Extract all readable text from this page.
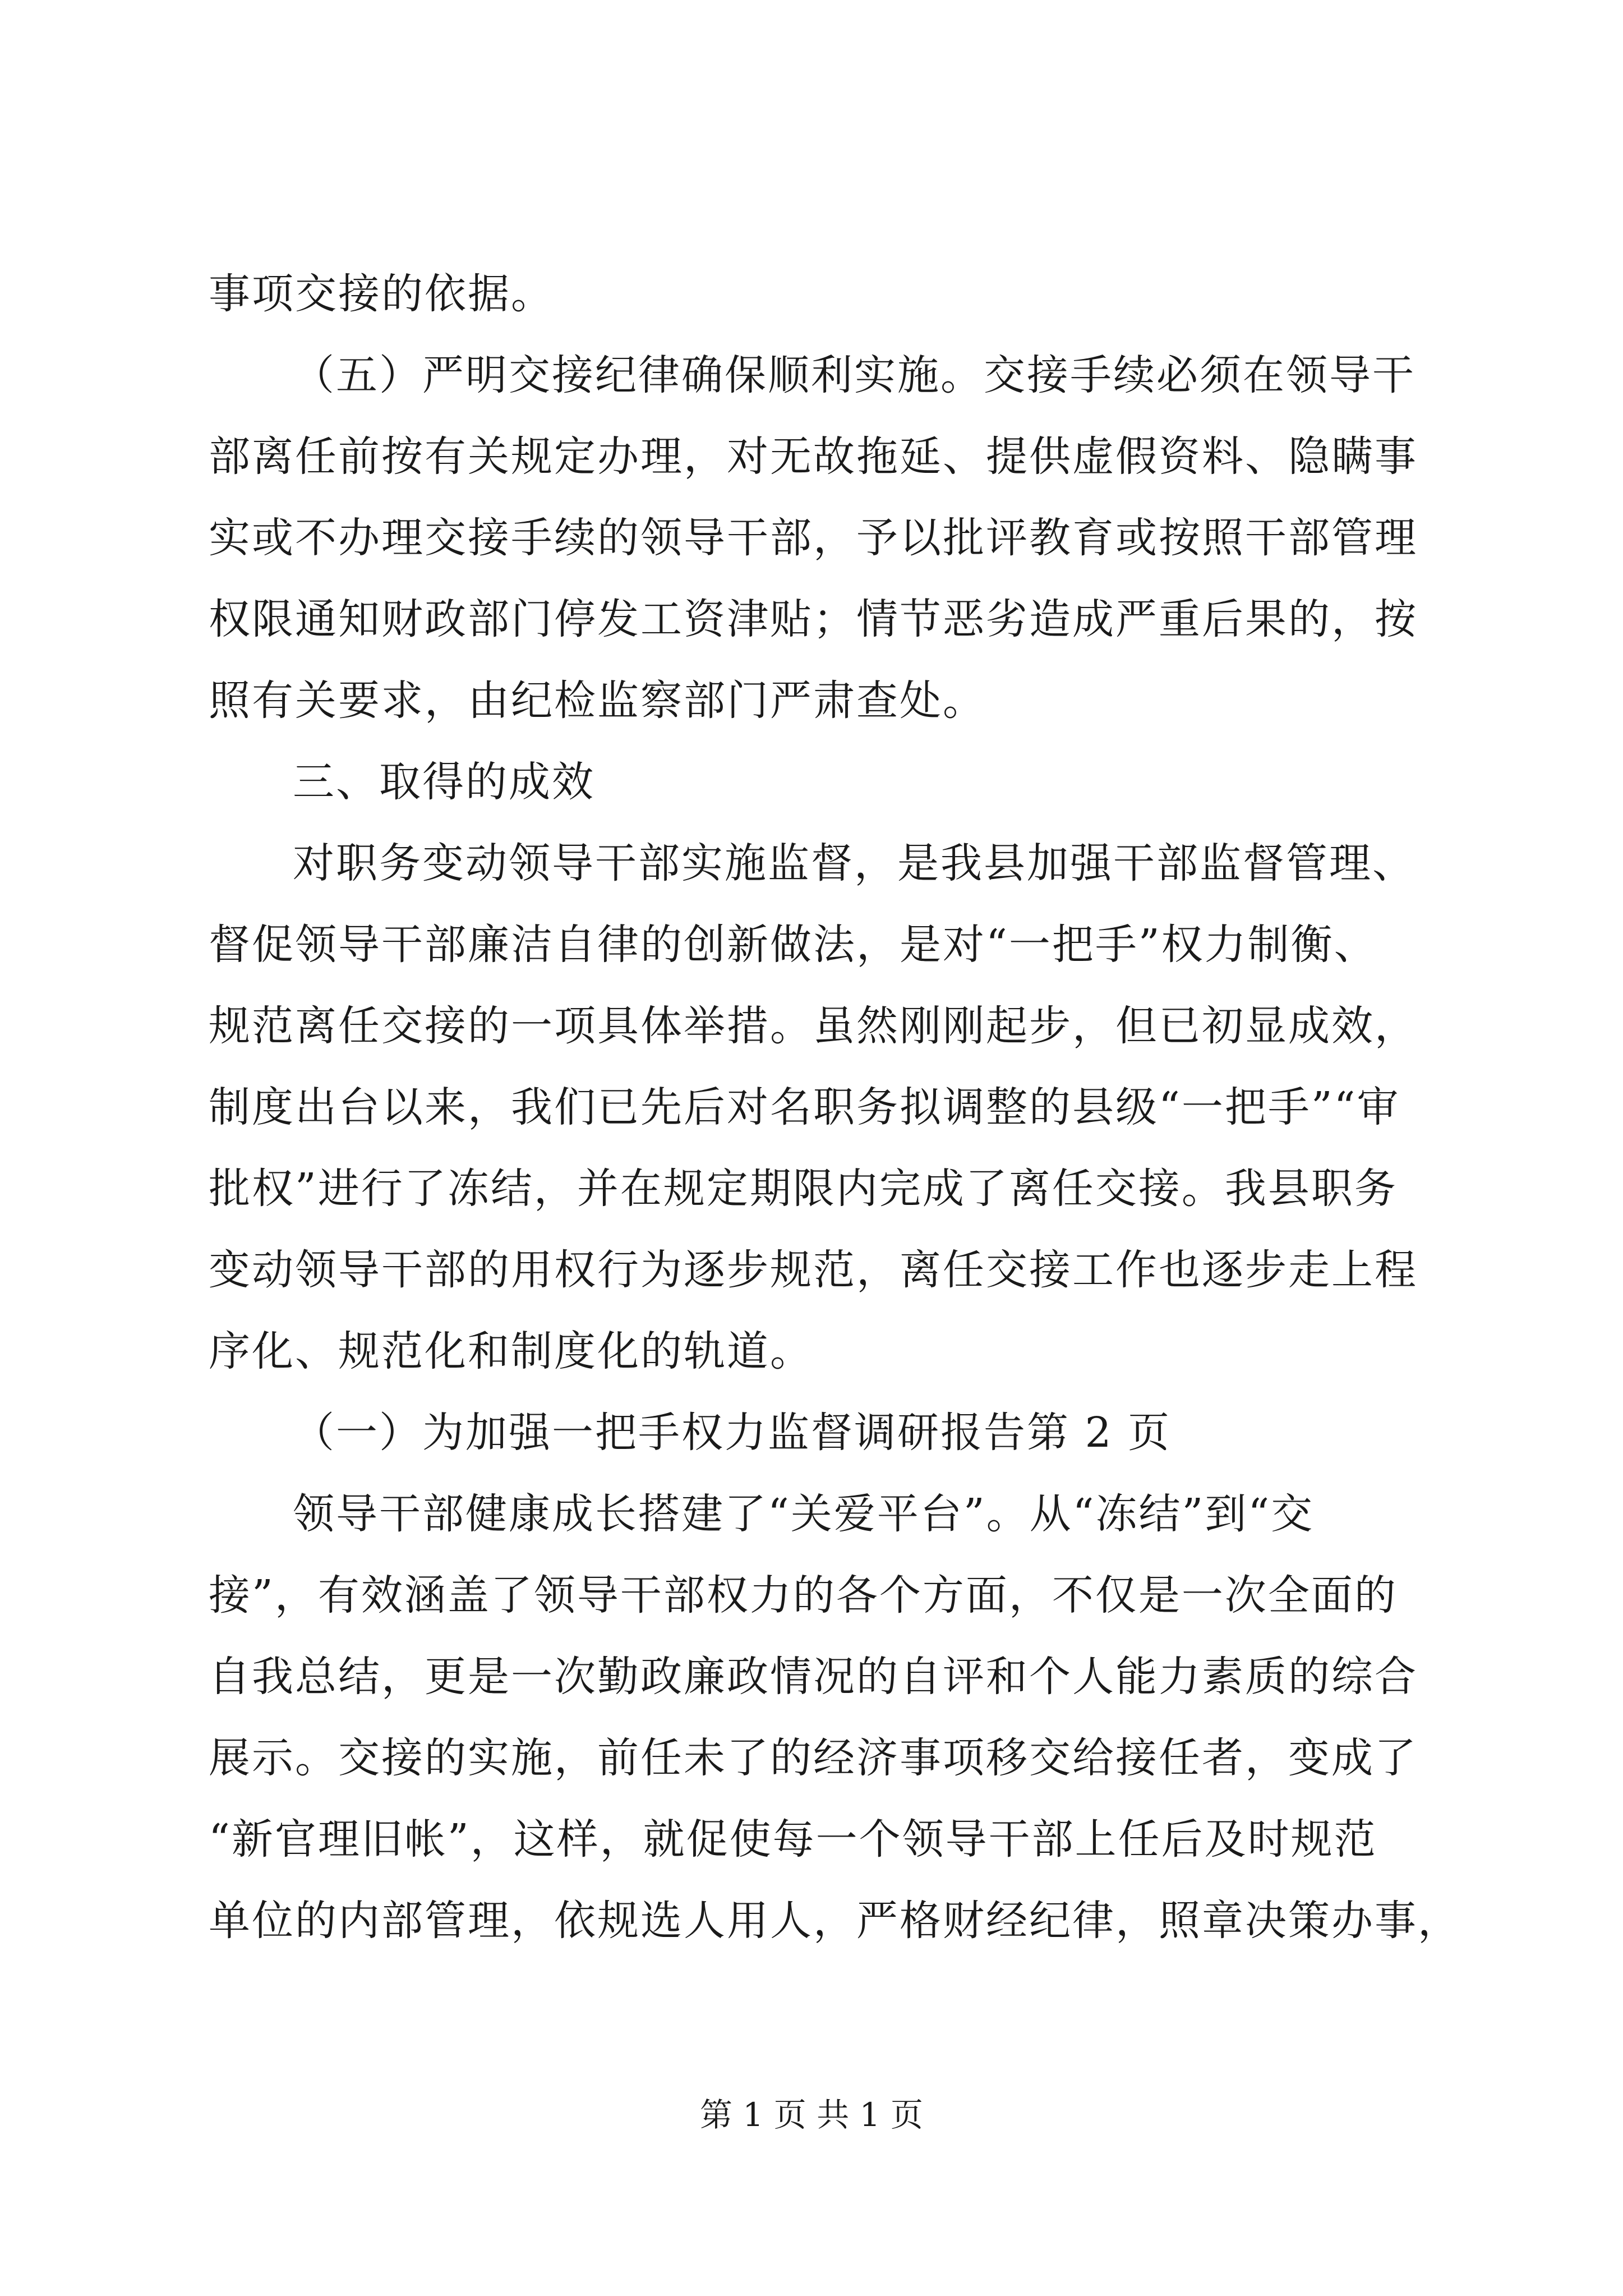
事项交接的依据。
（五）严明交接纪律确保顺利实施。交接手续必须在领导干
部离任前按有关规定办理，对无故拖延、提供虚假资料、隐瞒事
实或不办理交接手续的领导干部，予以批评教育或按照干部管理
权限通知财政部门停发工资津贴；情节恶劣造成严重后果的，按
照有关要求，由纪检监察部门严肃查处。
三、取得的成效
对职务变动领导干部实施监督，是我县加强干部监督管理、
督促领导干部廉洁自律的创新做法，是对“一把手”权力制衡、
规范离任交接的一项具体举措。虽然刚刚起步，但已初显成效，
制度出台以来，我们已先后对名职务拟调整的县级“一把手”“审
批权”进行了冻结，并在规定期限内完成了离任交接。我县职务
变动领导干部的用权行为逐步规范，离任交接工作也逐步走上程
序化、规范化和制度化的轨道。
（一）为加强一把手权力监督调研报告第 2 页
领导干部健康成长搭建了“关爱平台”。从“冻结”到“交
接”，有效涵盖了领导干部权力的各个方面，不仅是一次全面的
自我总结，更是一次勤政廉政情况的自评和个人能力素质的综合
展示。交接的实施，前任未了的经济事项移交给接任者，变成了
“新官理旧帐”，这样，就促使每一个领导干部上任后及时规范
单位的内部管理，依规选人用人，严格财经纪律，照章决策办事，
第 1 页 共 1 页
